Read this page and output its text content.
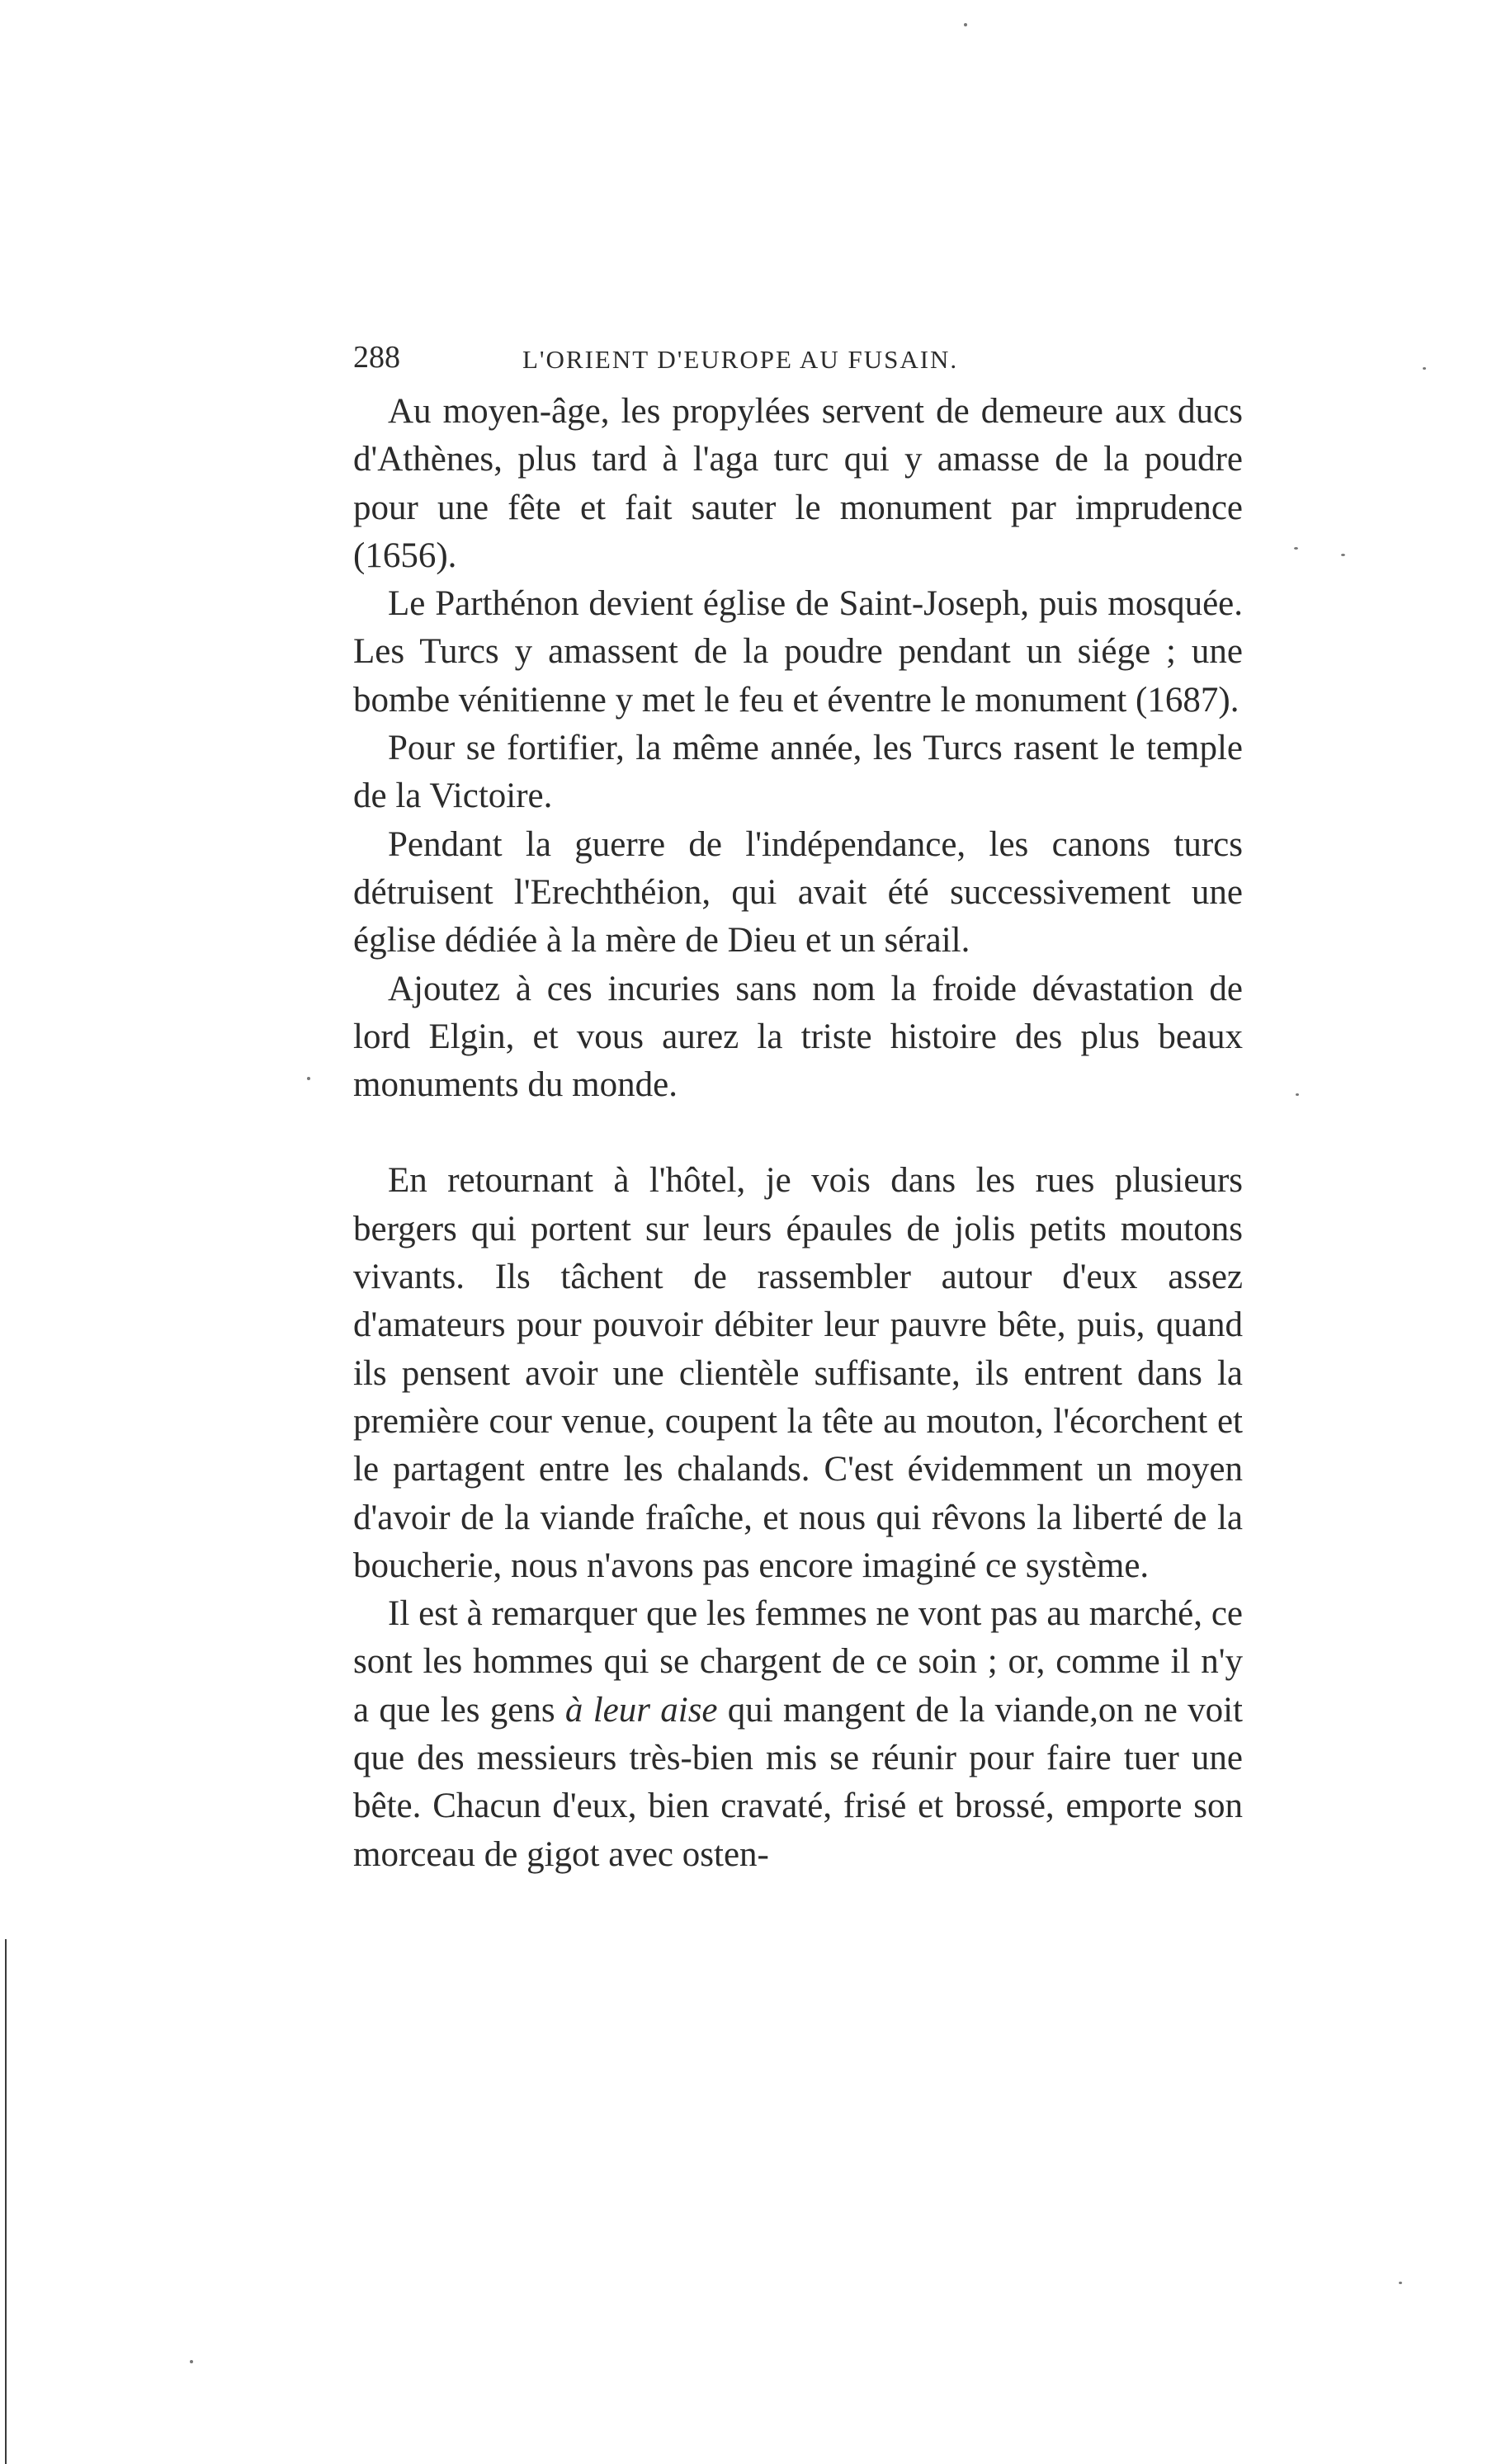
288	L'ORIENT D'EUROPE AU FUSAIN.

Au moyen-âge, les propylées servent de demeure aux ducs d'Athènes, plus tard à l'aga turc qui y amasse de la poudre pour une fête et fait sauter le monument par imprudence (1656).

Le Parthénon devient église de Saint-Joseph, puis mosquée. Les Turcs y amassent de la poudre pendant un siége ; une bombe vénitienne y met le feu et éventre le monument (1687).

Pour se fortifier, la même année, les Turcs rasent le temple de la Victoire.

Pendant la guerre de l'indépendance, les canons turcs détruisent l'Erechthéion, qui avait été successivement une église dédiée à la mère de Dieu et un sérail.

Ajoutez à ces incuries sans nom la froide dévastation de lord Elgin, et vous aurez la triste histoire des plus beaux monuments du monde.

En retournant à l'hôtel, je vois dans les rues plusieurs bergers qui portent sur leurs épaules de jolis petits moutons vivants. Ils tâchent de rassembler autour d'eux assez d'amateurs pour pouvoir débiter leur pauvre bête, puis, quand ils pensent avoir une clientèle suffisante, ils entrent dans la première cour venue, coupent la tête au mouton, l'écorchent et le partagent entre les chalands. C'est évidemment un moyen d'avoir de la viande fraîche, et nous qui rêvons la liberté de la boucherie, nous n'avons pas encore imaginé ce système.

Il est à remarquer que les femmes ne vont pas au marché, ce sont les hommes qui se chargent de ce soin ; or, comme il n'y a que les gens à leur aise qui mangent de la viande,on ne voit que des messieurs très-bien mis se réunir pour faire tuer une bête. Chacun d'eux, bien cravaté, frisé et brossé, emporte son morceau de gigot avec osten-
